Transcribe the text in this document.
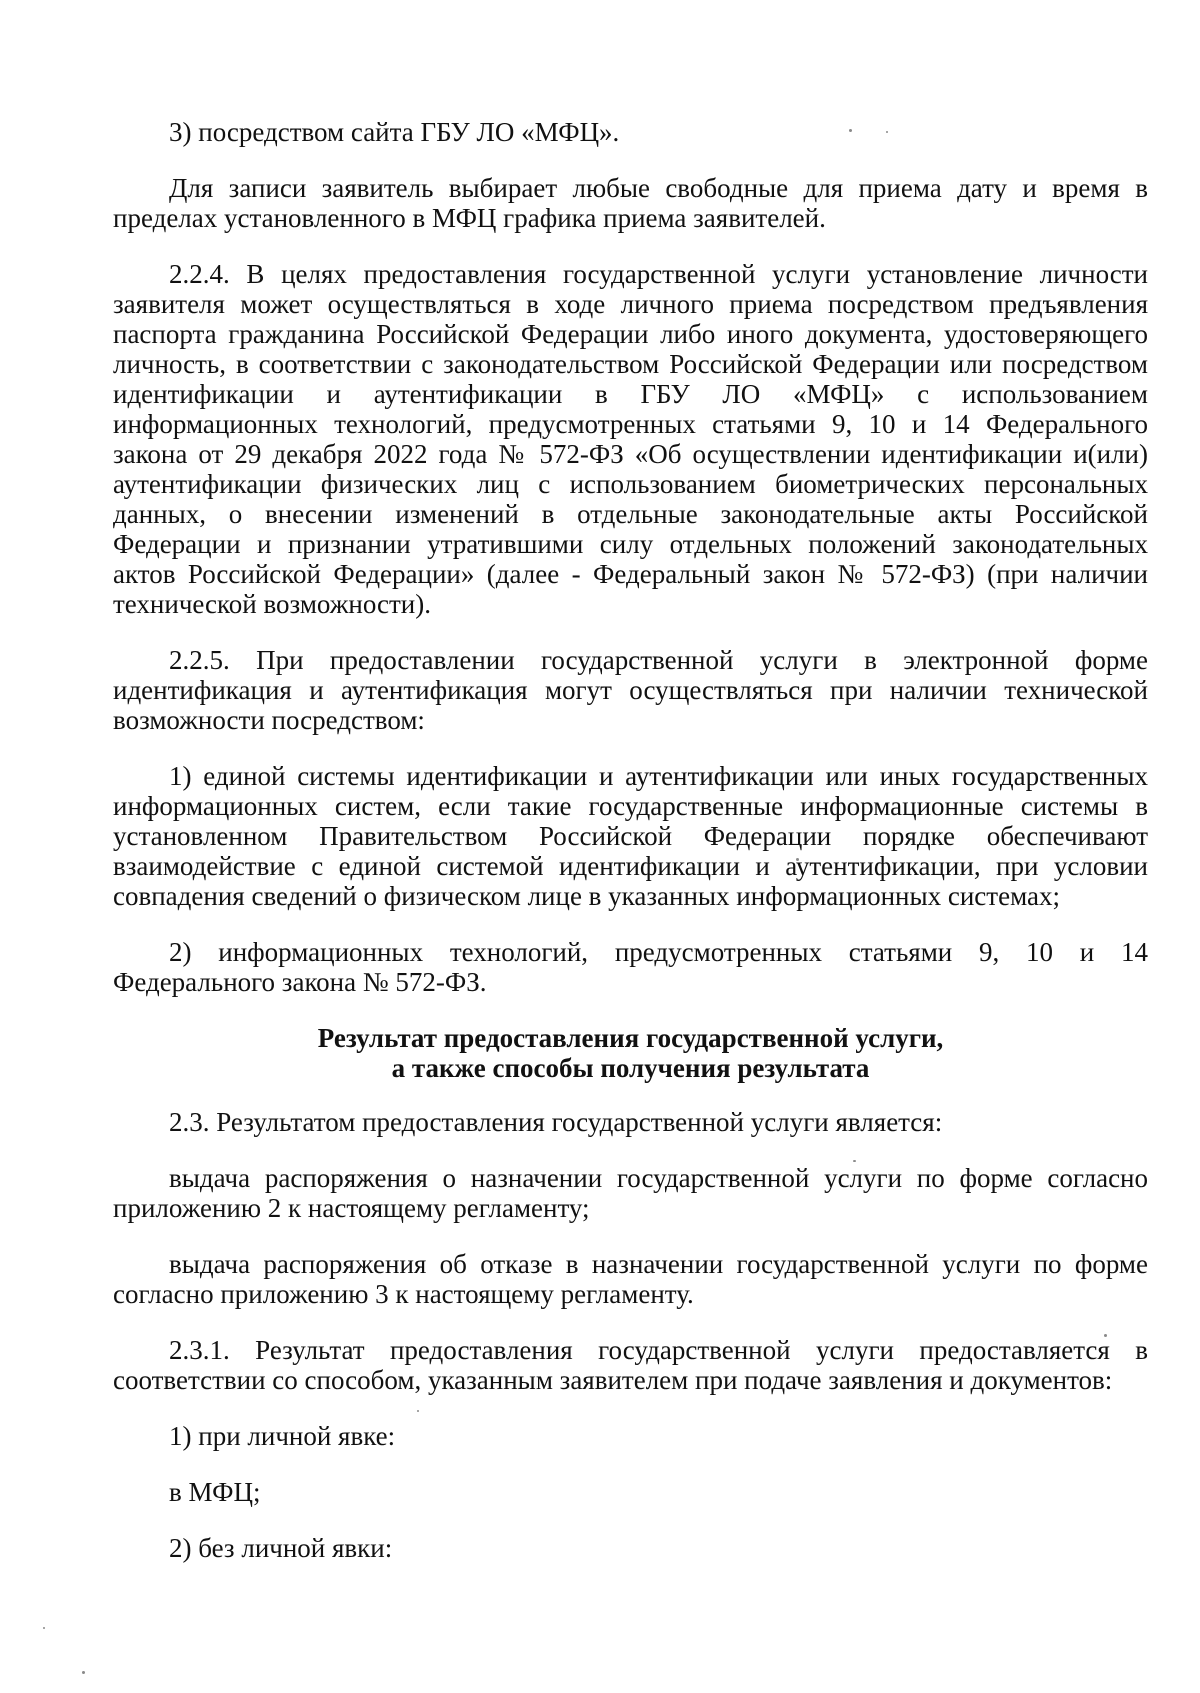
3) посредством сайта ГБУ ЛО «МФЦ».

Для записи заявитель выбирает любые свободные для приема дату и время в пределах установленного в МФЦ графика приема заявителей.

2.2.4. В целях предоставления государственной услуги установление личности заявителя может осуществляться в ходе личного приема посредством предъявления паспорта гражданина Российской Федерации либо иного документа, удостоверяющего личность, в соответствии с законодательством Российской Федерации или посредством идентификации и аутентификации в ГБУ ЛО «МФЦ» с использованием информационных технологий, предусмотренных статьями 9, 10 и 14 Федерального закона от 29 декабря 2022 года № 572-ФЗ «Об осуществлении идентификации и(или) аутентификации физических лиц с использованием биометрических персональных данных, о внесении изменений в отдельные законодательные акты Российской Федерации и признании утратившими силу отдельных положений законодательных актов Российской Федерации» (далее - Федеральный закон № 572-ФЗ) (при наличии технической возможности).

2.2.5. При предоставлении государственной услуги в электронной форме идентификация и аутентификация могут осуществляться при наличии технической возможности посредством:

1) единой системы идентификации и аутентификации или иных государственных информационных систем, если такие государственные информационные системы в установленном Правительством Российской Федерации порядке обеспечивают взаимодействие с единой системой идентификации и аутентификации, при условии совпадения сведений о физическом лице в указанных информационных системах;

2) информационных технологий, предусмотренных статьями 9, 10 и 14 Федерального закона № 572-ФЗ.

Результат предоставления государственной услуги,
а также способы получения результата

2.3. Результатом предоставления государственной услуги является:

выдача распоряжения о назначении государственной услуги по форме согласно приложению 2 к настоящему регламенту;

выдача распоряжения об отказе в назначении государственной услуги по форме согласно приложению 3 к настоящему регламенту.

2.3.1. Результат предоставления государственной услуги предоставляется в соответствии со способом, указанным заявителем при подаче заявления и документов:

1) при личной явке:

в МФЦ;

2) без личной явки:
